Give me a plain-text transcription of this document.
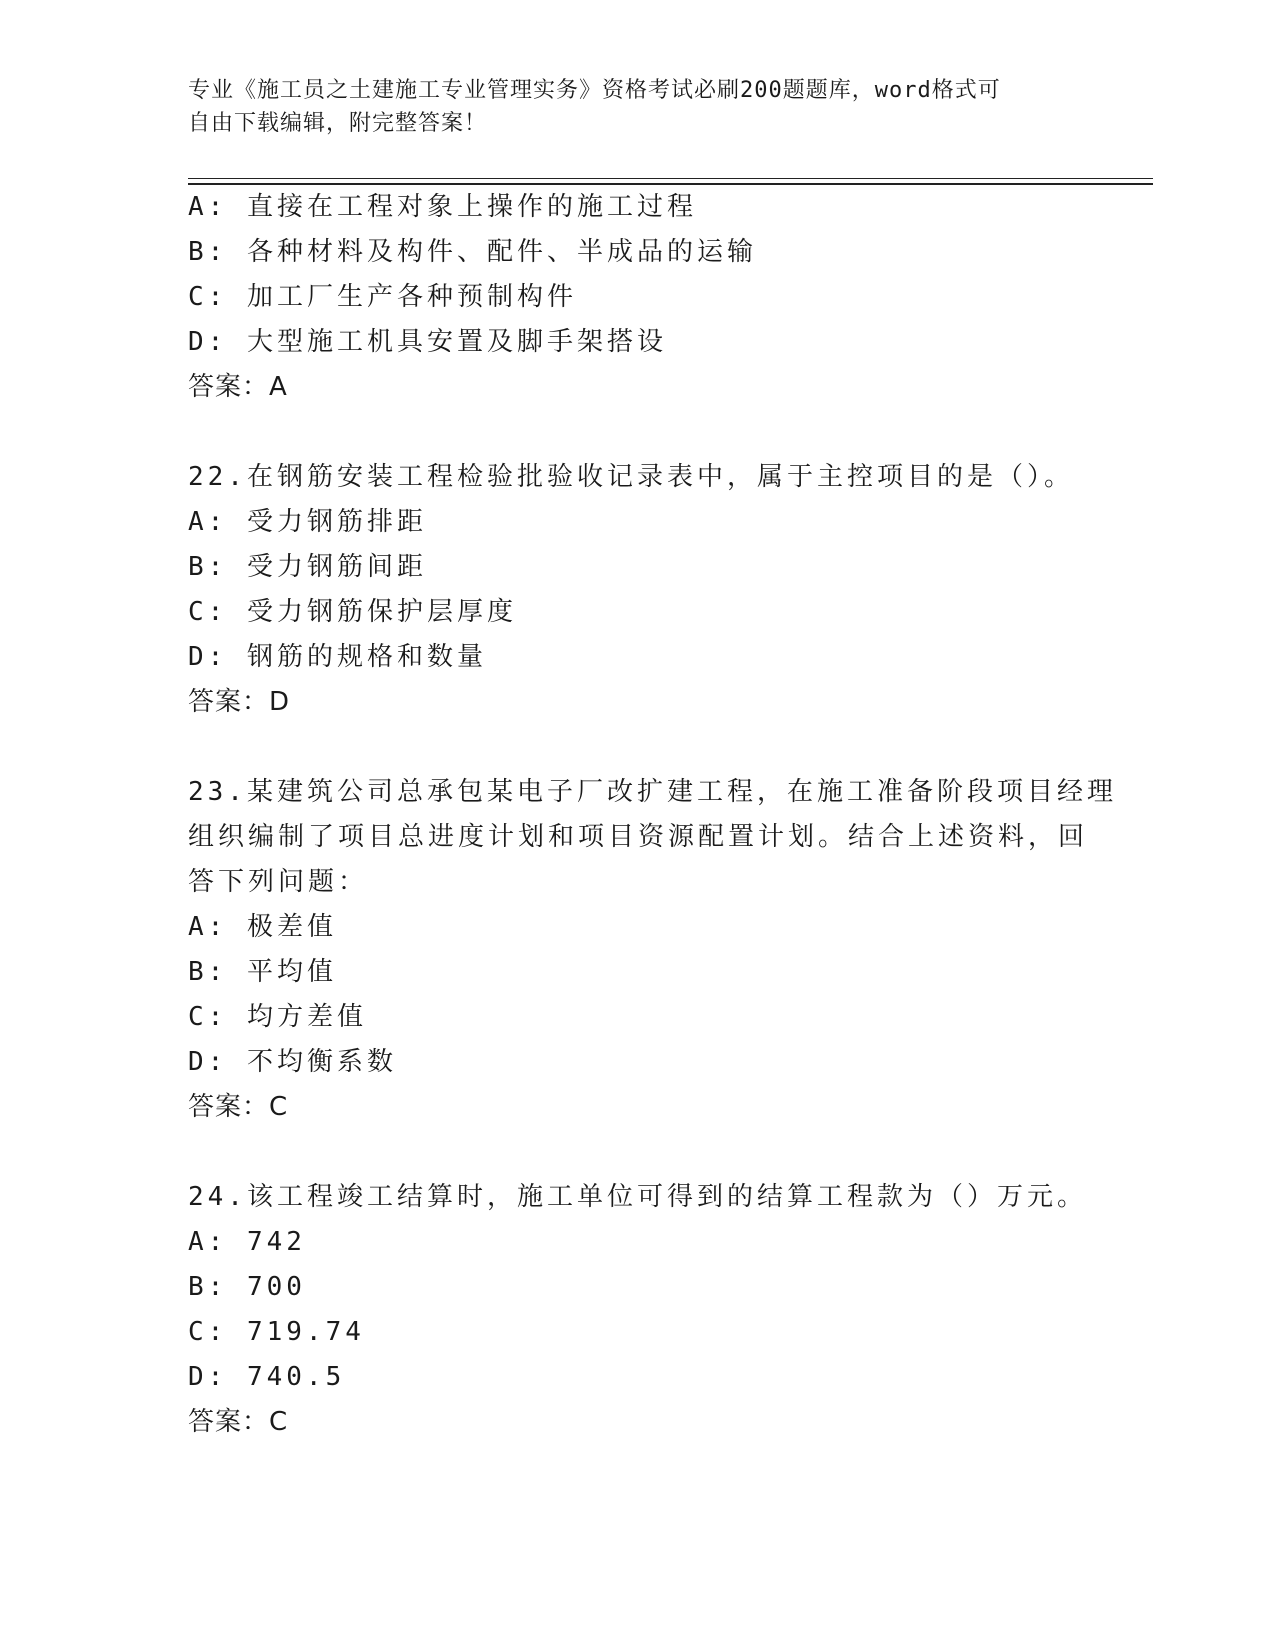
专业《施工员之土建施工专业管理实务》资格考试必刷200题题库，word格式可
自由下载编辑，附完整答案！
A: 直接在工程对象上操作的施工过程
B: 各种材料及构件、配件、半成品的运输
C: 加工厂生产各种预制构件
D: 大型施工机具安置及脚手架搭设
答案：A
22.在钢筋安装工程检验批验收记录表中，属于主控项目的是（）。
A: 受力钢筋排距
B: 受力钢筋间距
C: 受力钢筋保护层厚度
D: 钢筋的规格和数量
答案：D
23.某建筑公司总承包某电子厂改扩建工程，在施工准备阶段项目经理
组织编制了项目总进度计划和项目资源配置计划。结合上述资料，回
答下列问题：
A: 极差值
B: 平均值
C: 均方差值
D: 不均衡系数
答案：C
24.该工程竣工结算时，施工单位可得到的结算工程款为（）万元。
A: 742
B: 700
C: 719.74
D: 740.5
答案：C
